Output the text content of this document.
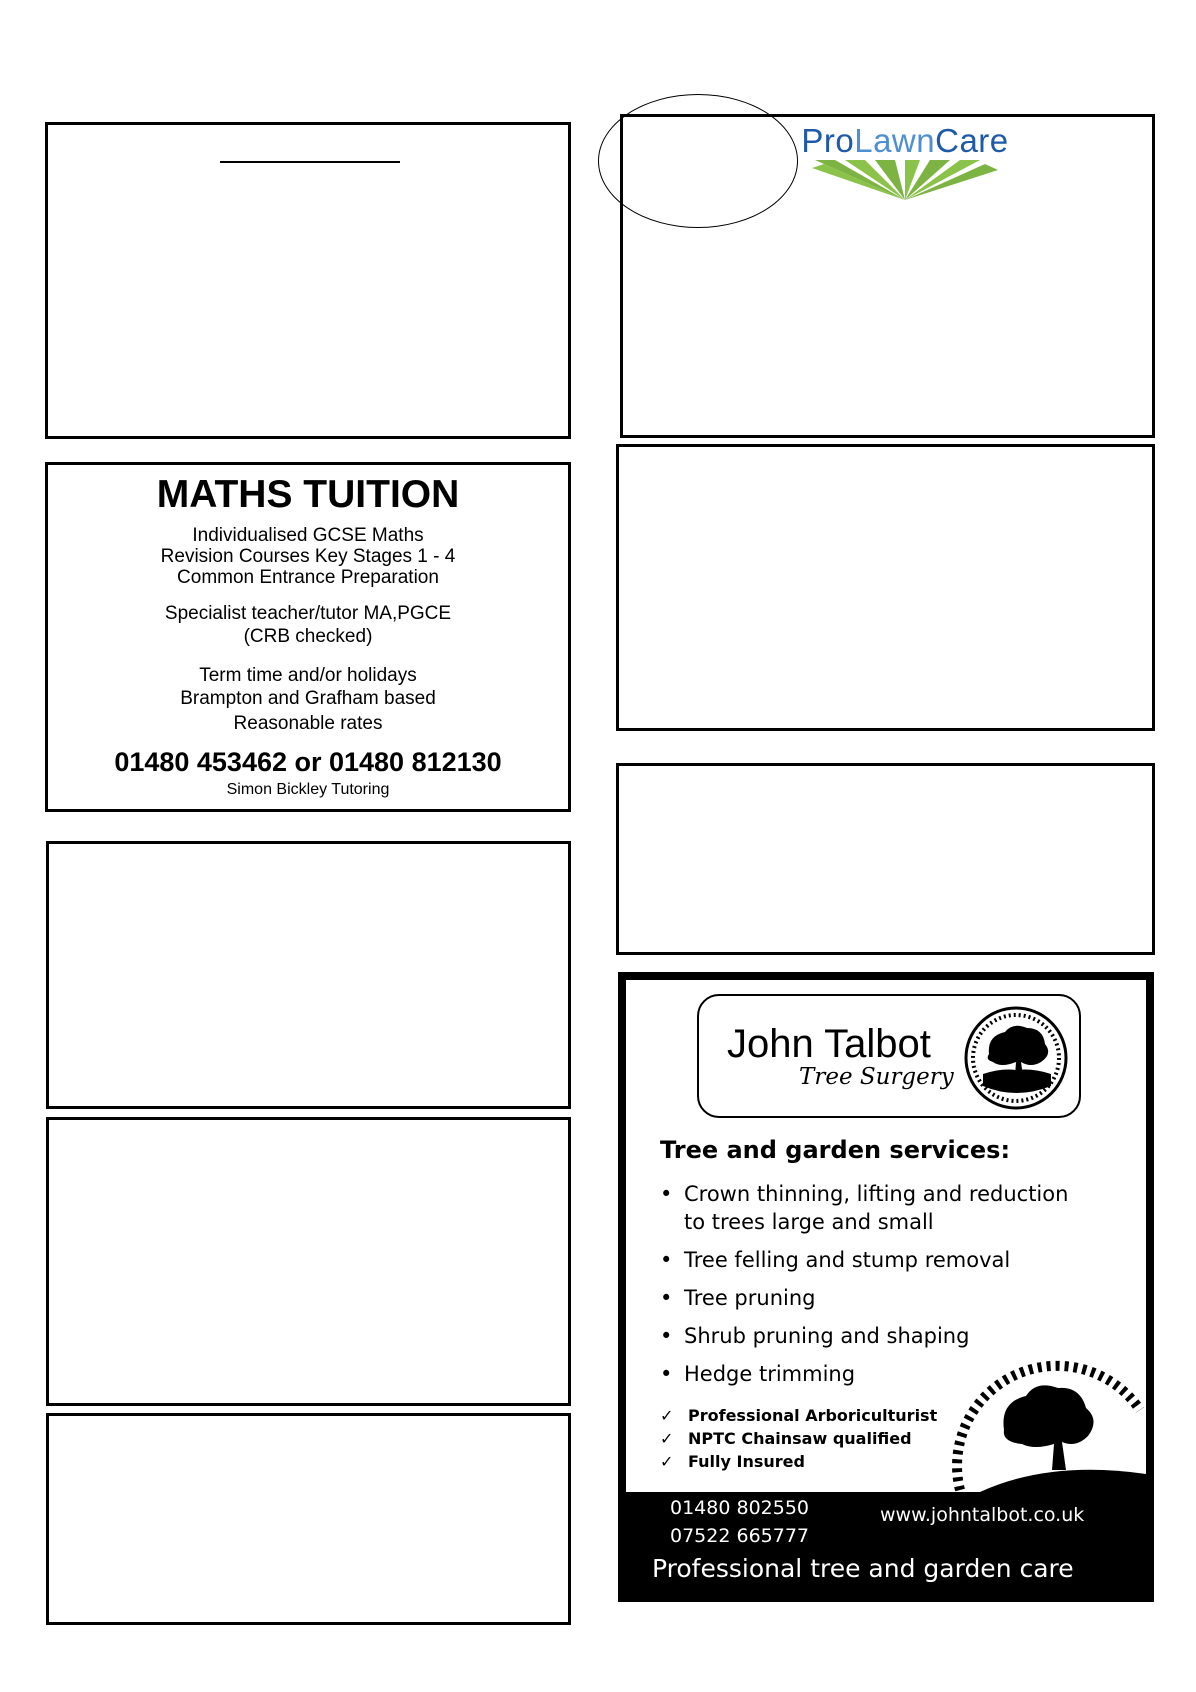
MATHS TUITION
Individualised GCSE Maths
Revision Courses Key Stages 1 - 4
Common Entrance Preparation
Specialist teacher/tutor MA,PGCE
(CRB checked)
Term time and/or holidays
Brampton and Grafham based
Reasonable rates
01480 453462 or 01480 812130
Simon Bickley Tutoring
ProLawnCare
John Talbot
Tree Surgery
Tree and garden services:
• Crown thinning, lifting and reduction to trees large and small
• Tree felling and stump removal
• Tree pruning
• Shrub pruning and shaping
• Hedge trimming
✓ Professional Arboriculturist
✓ NPTC Chainsaw qualified
✓ Fully Insured
01480 802550
07522 665777
www.johntalbot.co.uk
Professional tree and garden care
